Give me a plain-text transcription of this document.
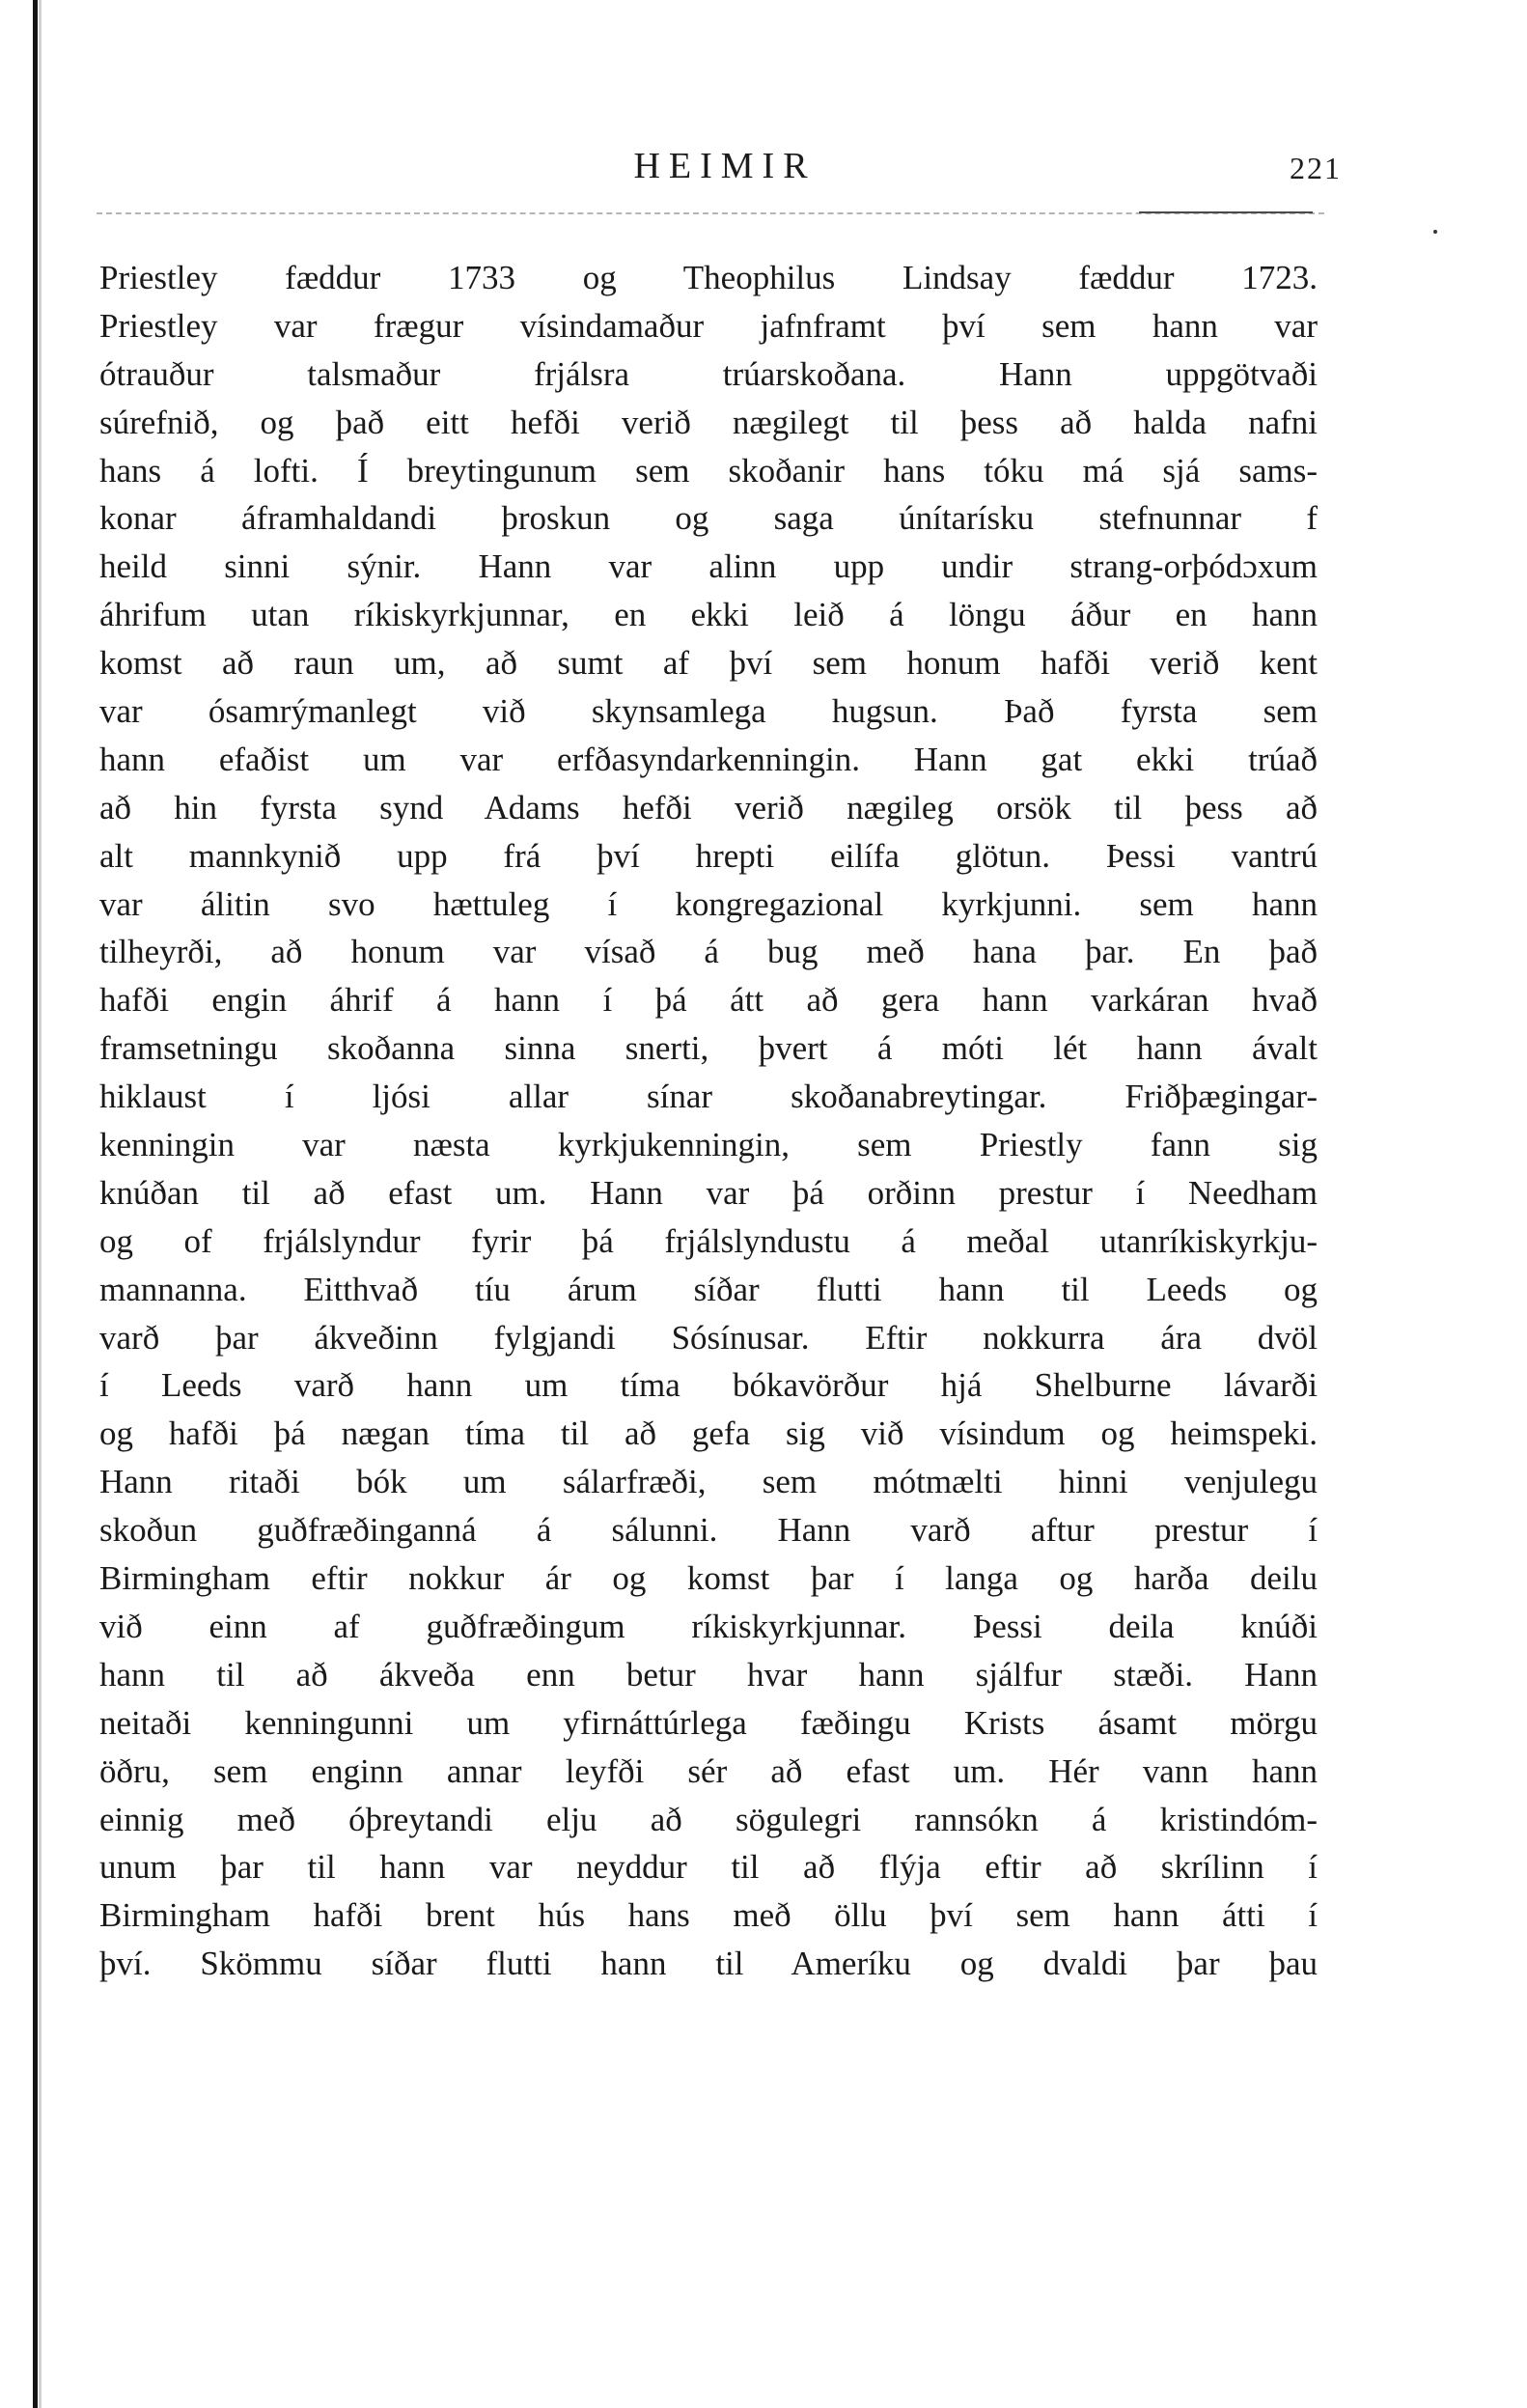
HEIMIR	221
Priestley fæddur 1733 og Theophilus Lindsay fæddur 1723.
Priestley var frægur vísindamaður jafnframt því sem hann var
ótrauður talsmaður frjálsra trúarskoðana. Hann uppgötvaði
súrefnið, og það eitt hefði verið nægilegt til þess að halda nafni
hans á lofti. Í breytingunum sem skoðanir hans tóku má sjá sams-
konar áframhaldandi þroskun og saga únítarísku stefnunnar f
heild sinni sýnir. Hann var alinn upp undir strang-orþódɔxum
áhrifum utan ríkiskyrkjunnar, en ekki leið á löngu áður en hann
komst að raun um, að sumt af því sem honum hafði verið kent
var ósamrýmanlegt við skynsamlega hugsun. Það fyrsta sem
hann efaðist um var erfðasyndarkenningin. Hann gat ekki trúað
að hin fyrsta synd Adams hefði verið nægileg orsök til þess að
alt mannkynið upp frá því hrepti eilífa glötun. Þessi vantrú
var álitin svo hættuleg í kongregazional kyrkjunni. sem hann
tilheyrði, að honum var vísað á bug með hana þar. En það
hafði engin áhrif á hann í þá átt að gera hann varkáran hvað
framsetningu skoðanna sinna snerti, þvert á móti lét hann ávalt
hiklaust í ljósi allar sínar skoðanabreytingar. Friðþægingar-
kenningin var næsta kyrkjukenningin, sem Priestly fann sig
knúðan til að efast um. Hann var þá orðinn prestur í Needham
og of frjálslyndur fyrir þá frjálslyndustu á meðal utanríkiskyrkju-
mannanna. Eitthvað tíu árum síðar flutti hann til Leeds og
varð þar ákveðinn fylgjandi Sósínusar. Eftir nokkurra ára dvöl
í Leeds varð hann um tíma bókavörður hjá Shelburne lávarði
og hafði þá nægan tíma til að gefa sig við vísindum og heimspeki.
Hann ritaði bók um sálarfræði, sem mótmælti hinni venjulegu
skoðun guðfræðinganná á sálunni. Hann varð aftur prestur í
Birmingham eftir nokkur ár og komst þar í langa og harða deilu
við einn af guðfræðingum ríkiskyrkjunnar. Þessi deila knúði
hann til að ákveða enn betur hvar hann sjálfur stæði. Hann
neitaði kenningunni um yfirnáttúrlega fæðingu Krists ásamt mörgu
öðru, sem enginn annar leyfði sér að efast um. Hér vann hann
einnig með óþreytandi elju að sögulegri rannsókn á kristindóm-
unum þar til hann var neyddur til að flýja eftir að skrílinn í
Birmingham hafði brent hús hans með öllu því sem hann átti í
því. Skömmu síðar flutti hann til Ameríku og dvaldi þar þau
